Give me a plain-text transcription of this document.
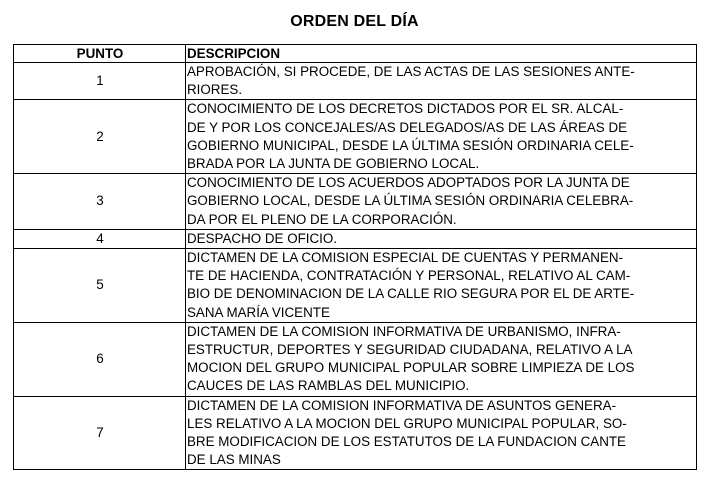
ORDEN DEL DÍA
PUNTO	DESCRIPCION
1	APROBACIÓN, SI PROCEDE, DE LAS ACTAS DE LAS SESIONES ANTE-
RIORES.

2	CONOCIMIENTO DE LOS DECRETOS DICTADOS POR EL SR. ALCAL-
DE Y POR LOS CONCEJALES/AS DELEGADOS/AS DE LAS ÁREAS DE
GOBIERNO MUNICIPAL, DESDE LA ÚLTIMA SESIÓN ORDINARIA CELE-
BRADA POR LA JUNTA DE GOBIERNO LOCAL.

3	CONOCIMIENTO DE LOS ACUERDOS ADOPTADOS POR LA JUNTA DE
GOBIERNO LOCAL, DESDE LA ÚLTIMA SESIÓN ORDINARIA CELEBRA-
DA POR EL PLENO DE LA CORPORACIÓN.

4	DESPACHO DE OFICIO.

5	DICTAMEN DE LA COMISION ESPECIAL DE CUENTAS Y PERMANEN-
TE DE HACIENDA, CONTRATACIÓN Y PERSONAL, RELATIVO AL CAM-
BIO DE DENOMINACION DE LA CALLE RIO SEGURA POR EL DE ARTE-
SANA MARÍA VICENTE

6	DICTAMEN DE LA COMISION INFORMATIVA DE URBANISMO, INFRA-
ESTRUCTUR, DEPORTES Y SEGURIDAD CIUDADANA, RELATIVO A LA
MOCION DEL GRUPO MUNICIPAL POPULAR SOBRE LIMPIEZA DE LOS
CAUCES DE LAS RAMBLAS DEL MUNICIPIO.

7	DICTAMEN DE LA COMISION INFORMATIVA DE ASUNTOS GENERA-
LES RELATIVO A LA MOCION DEL GRUPO MUNICIPAL POPULAR, SO-
BRE MODIFICACION DE LOS ESTATUTOS DE LA FUNDACION CANTE
DE LAS MINAS
